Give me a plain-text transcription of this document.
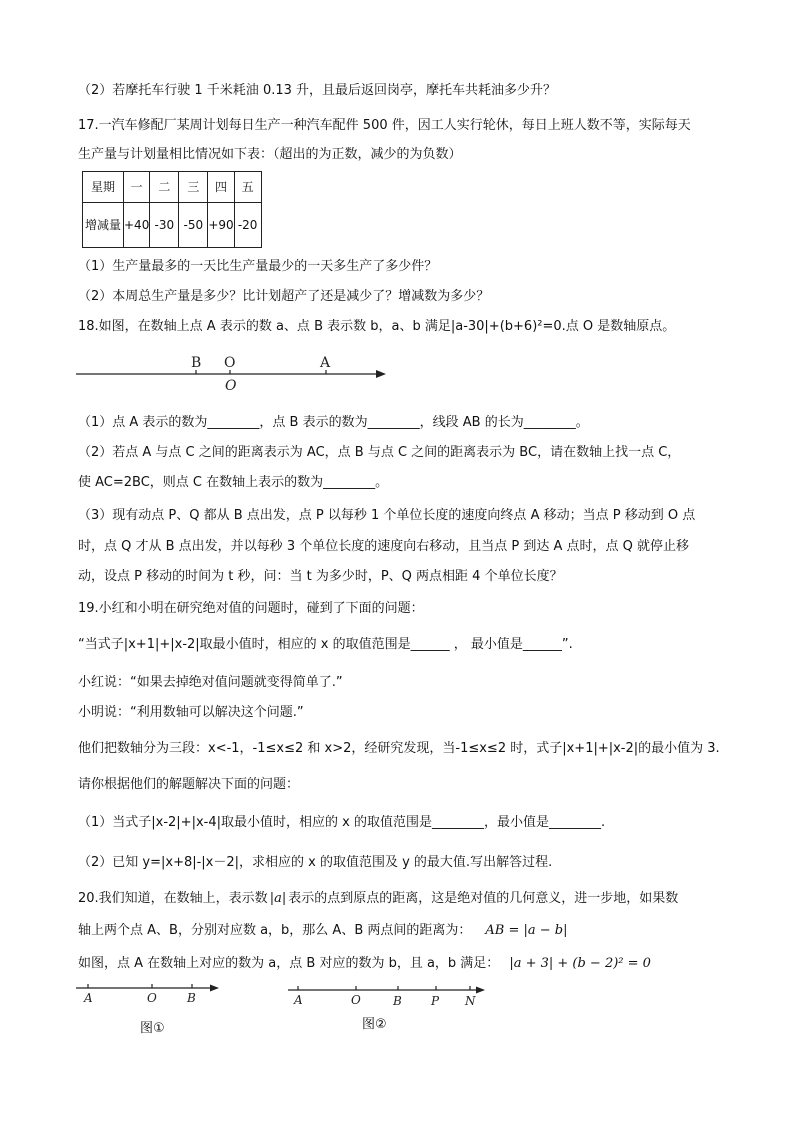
（2）若摩托车行驶 1 千米耗油 0.13 升，且最后返回岗亭，摩托车共耗油多少升？
17.一汽车修配厂某周计划每日生产一种汽车配件 500 件，因工人实行轮休，每日上班人数不等，实际每天
生产量与计划量相比情况如下表：（超出的为正数，减少的为负数）
星期	一	二	三	四	五
增减量	+40	-30	-50	+90	-20
（1）生产量最多的一天比生产量最少的一天多生产了多少件？
（2）本周总生产量是多少？比计划超产了还是减少了？增减数为多少？
18.如图，在数轴上点 A 表示的数 a、点 B 表示数 b，a、b 满足|a-30|+(b+6)²=0.点 O 是数轴原点。
B O	A
O
（1）点 A 表示的数为________，点 B 表示的数为________，线段 AB 的长为________。
（2）若点 A 与点 C 之间的距离表示为 AC，点 B 与点 C 之间的距离表示为 BC，请在数轴上找一点 C，
使 AC=2BC，则点 C 在数轴上表示的数为________。
（3）现有动点 P、Q 都从 B 点出发，点 P 以每秒 1 个单位长度的速度向终点 A 移动；当点 P 移动到 O 点
时，点 Q 才从 B 点出发，并以每秒 3 个单位长度的速度向右移动，且当点 P 到达 A 点时，点 Q 就停止移
动，设点 P 移动的时间为 t 秒，问：当 t 为多少时，P、Q 两点相距 4 个单位长度？
19.小红和小明在研究绝对值的问题时，碰到了下面的问题：
“当式子|x+1|+|x-2|取最小值时，相应的 x 的取值范围是______ ， 最小值是______”.
小红说：“如果去掉绝对值问题就变得简单了.”
小明说：“利用数轴可以解决这个问题.”
他们把数轴分为三段：x<-1，-1≤x≤2 和 x>2，经研究发现，当-1≤x≤2 时，式子|x+1|+|x-2|的最小值为 3.
请你根据他们的解题解决下面的问题：
（1）当式子|x-2|+|x-4|取最小值时，相应的 x 的取值范围是________，最小值是________.
（2）已知 y=|x+8|-|x－2|，求相应的 x 的取值范围及 y 的最大值.写出解答过程.
20.我们知道，在数轴上，表示数 |a| 表示的点到原点的距离，这是绝对值的几何意义，进一步地，如果数
轴上两个点 A、B，分别对应数 a，b，那么 A、B 两点间的距离为： AB = |a − b|
如图，点 A 在数轴上对应的数为 a，点 B 对应的数为 b，且 a，b 满足： |a + 3| + (b − 2)² = 0
A	O	B
图①
A	O	B P N
图②
